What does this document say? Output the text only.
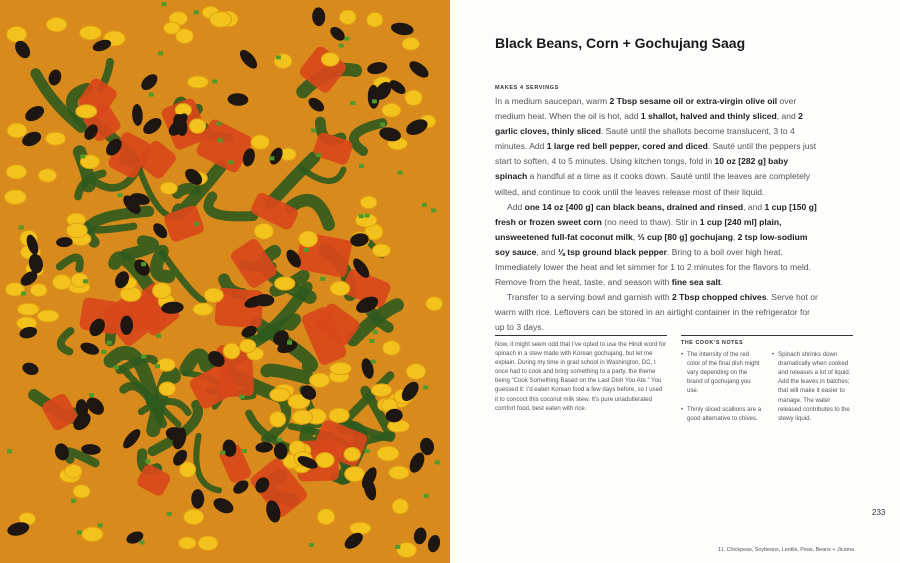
Black Beans, Corn + Gochujang Saag
MAKES 4 SERVINGS

In a medium saucepan, warm 2 Tbsp sesame oil or extra-virgin olive oil over medium heat. When the oil is hot, add 1 shallot, halved and thinly sliced, and 2 garlic cloves, thinly sliced. Sauté until the shallots become translucent, 3 to 4 minutes. Add 1 large red bell pepper, cored and diced. Sauté until the peppers just start to soften, 4 to 5 minutes. Using kitchen tongs, fold in 10 oz [282 g] baby spinach a handful at a time as it cooks down. Sauté until the leaves are completely wilted, and continue to cook until the leaves release most of their liquid.

Add one 14 oz [400 g] can black beans, drained and rinsed, and 1 cup [150 g] fresh or frozen sweet corn (no need to thaw). Stir in 1 cup [240 ml] plain, unsweetened full-fat coconut milk, ⅓ cup [80 g] gochujang, 2 tsp low-sodium soy sauce, and ⅛ tsp ground black pepper. Bring to a boil over high heat. Immediately lower the heat and let simmer for 1 to 2 minutes for the flavors to meld. Remove from the heat, taste, and season with fine sea salt.

Transfer to a serving bowl and garnish with 2 Tbsp chopped chives. Serve hot or warm with rice. Leftovers can be stored in an airtight container in the refrigerator for up to 3 days.

Now, it might seem odd that I’ve opted to use the Hindi word for spinach in a stew made with Korean gochujang, but let me explain. During my time in grad school in Washington, DC, I once had to cook and bring something to a party, the theme being “Cook Something Based on the Last Dish You Ate.” You guessed it: I’d eaten Korean food a few days before, so I used it to concoct this coconut milk stew. It’s pure unadulterated comfort food, best eaten with rice.
THE COOK’S NOTES
• The intensity of the red color of the final dish might vary depending on the brand of gochujang you use.
• Thinly sliced scallions are a good alternative to chives.
• Spinach shrinks down dramatically when cooked and releases a lot of liquid. Add the leaves in batches; that will make it easier to manage. The water released contributes to the stewy liquid.
233
11. Chickpeas, Soybeans, Lentils, Peas, Beans + Jicama
